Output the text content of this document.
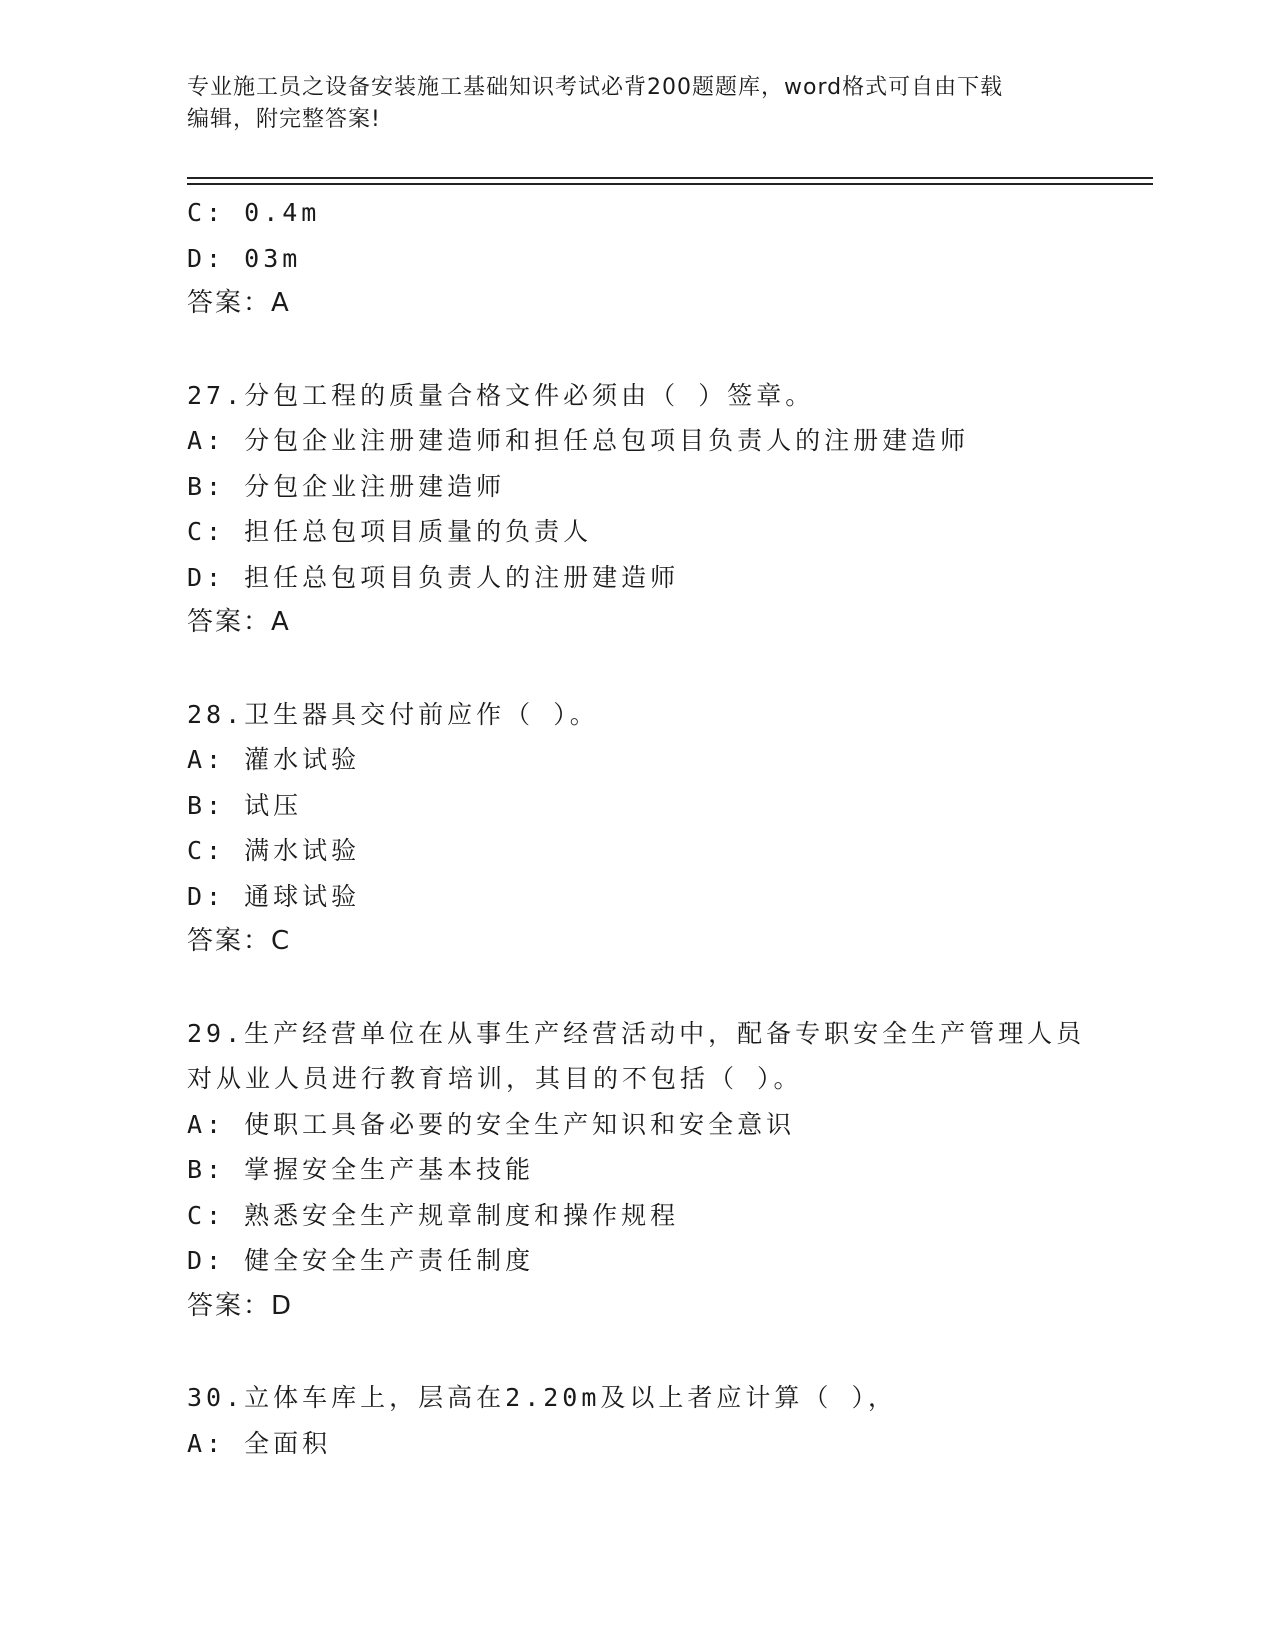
专业施工员之设备安装施工基础知识考试必背200题题库，word格式可自由下载
编辑，附完整答案!
C: 0.4m
D: 03m
答案：A
27.分包工程的质量合格文件必须由（ ）签章。
A: 分包企业注册建造师和担任总包项目负责人的注册建造师
B: 分包企业注册建造师
C: 担任总包项目质量的负责人
D: 担任总包项目负责人的注册建造师
答案：A
28.卫生器具交付前应作（ ）。
A: 灌水试验
B: 试压
C: 满水试验
D: 通球试验
答案：C
29.生产经营单位在从事生产经营活动中，配备专职安全生产管理人员
对从业人员进行教育培训，其目的不包括（ ）。
A: 使职工具备必要的安全生产知识和安全意识
B: 掌握安全生产基本技能
C: 熟悉安全生产规章制度和操作规程
D: 健全安全生产责任制度
答案：D
30.立体车库上，层高在2.20m及以上者应计算（ ），
A: 全面积
